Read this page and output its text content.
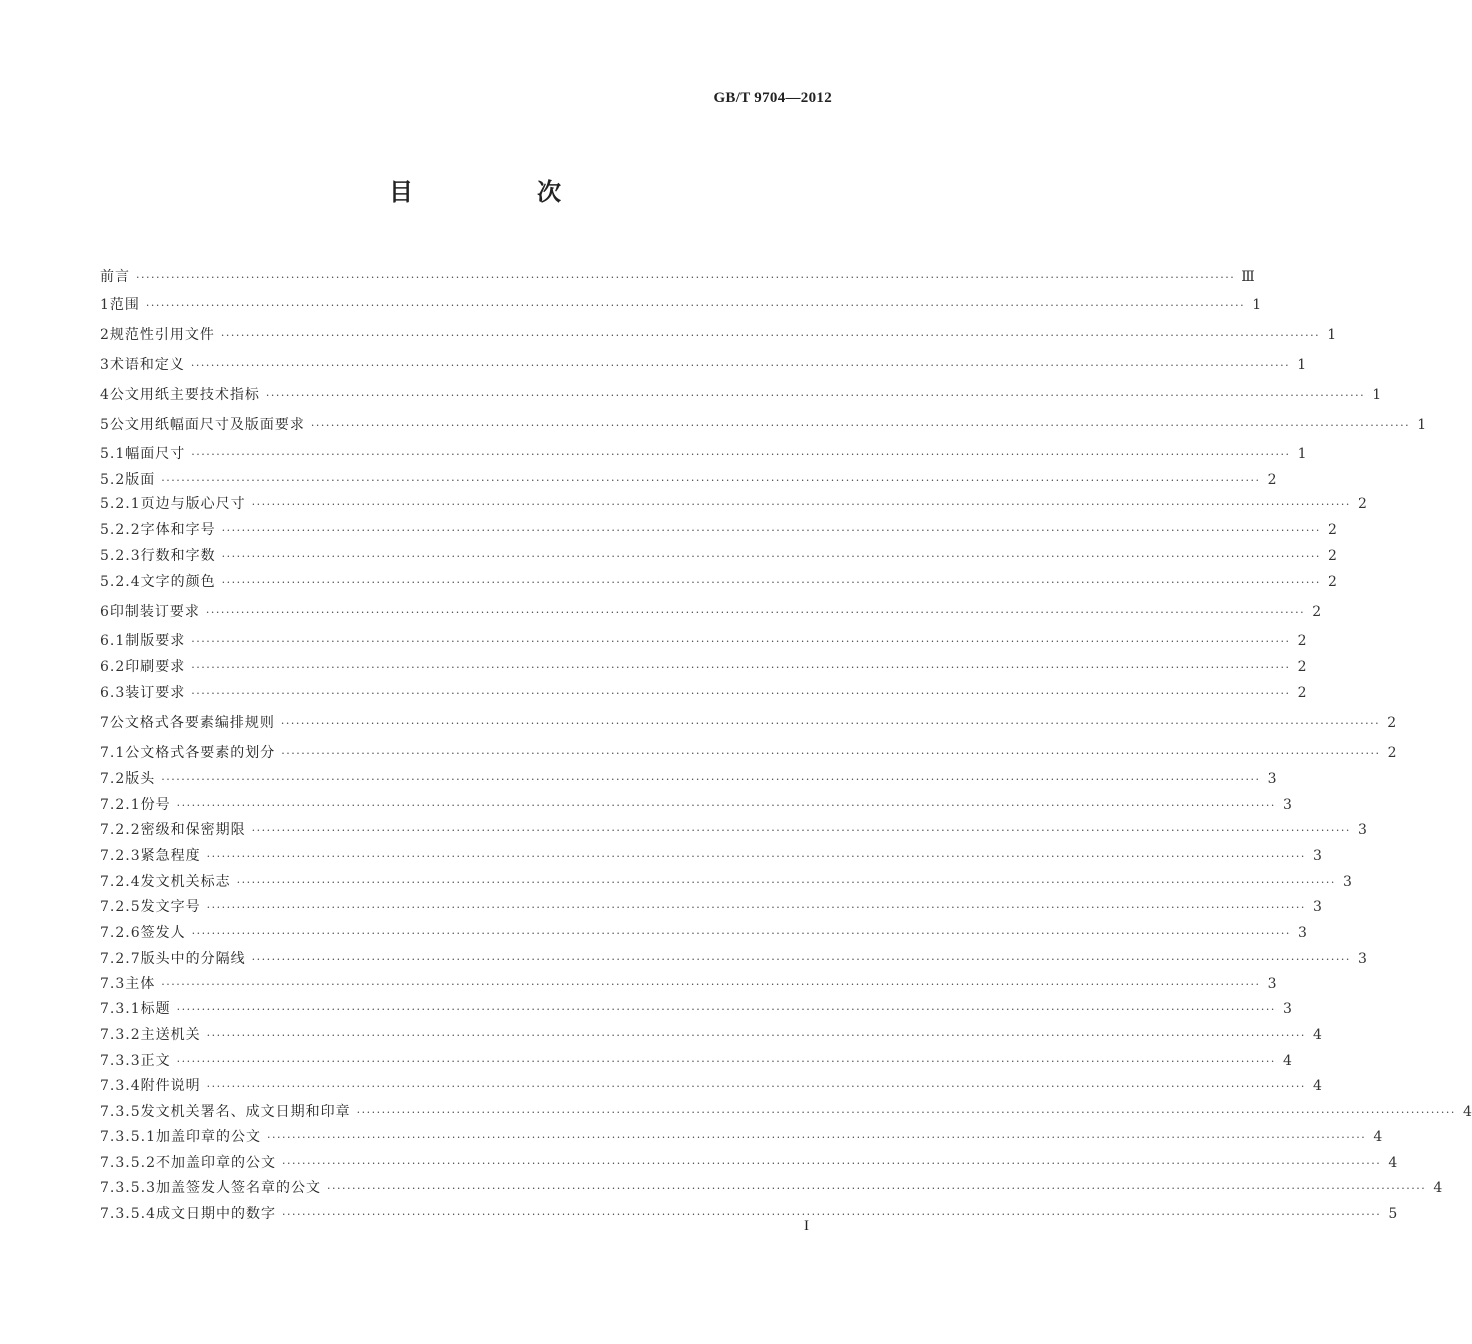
GB/T 9704—2012
目　次
前言 ···························································································································································································································· Ⅲ
1 范围 ···························································································································································································································· 1
2 规范性引用文件 ···························································································································································································································· 1
3 术语和定义 ···························································································································································································································· 1
4 公文用纸主要技术指标 ···························································································································································································································· 1
5 公文用纸幅面尺寸及版面要求 ···························································································································································································································· 1
5.1 幅面尺寸 ···························································································································································································································· 1
5.2 版面 ···························································································································································································································· 2
5.2.1 页边与版心尺寸 ···························································································································································································································· 2
5.2.2 字体和字号 ···························································································································································································································· 2
5.2.3 行数和字数 ···························································································································································································································· 2
5.2.4 文字的颜色 ···························································································································································································································· 2
6 印制装订要求 ···························································································································································································································· 2
6.1 制版要求 ···························································································································································································································· 2
6.2 印刷要求 ···························································································································································································································· 2
6.3 装订要求 ···························································································································································································································· 2
7 公文格式各要素编排规则 ···························································································································································································································· 2
7.1 公文格式各要素的划分 ···························································································································································································································· 2
7.2 版头 ···························································································································································································································· 3
7.2.1 份号 ···························································································································································································································· 3
7.2.2 密级和保密期限 ···························································································································································································································· 3
7.2.3 紧急程度 ···························································································································································································································· 3
7.2.4 发文机关标志 ···························································································································································································································· 3
7.2.5 发文字号 ···························································································································································································································· 3
7.2.6 签发人 ···························································································································································································································· 3
7.2.7 版头中的分隔线 ···························································································································································································································· 3
7.3 主体 ···························································································································································································································· 3
7.3.1 标题 ···························································································································································································································· 3
7.3.2 主送机关 ···························································································································································································································· 4
7.3.3 正文 ···························································································································································································································· 4
7.3.4 附件说明 ···························································································································································································································· 4
7.3.5 发文机关署名、成文日期和印章 ···························································································································································································································· 4
7.3.5.1 加盖印章的公文 ···························································································································································································································· 4
7.3.5.2 不加盖印章的公文 ···························································································································································································································· 4
7.3.5.3 加盖签发人签名章的公文 ···························································································································································································································· 4
7.3.5.4 成文日期中的数字 ···························································································································································································································· 5
I
